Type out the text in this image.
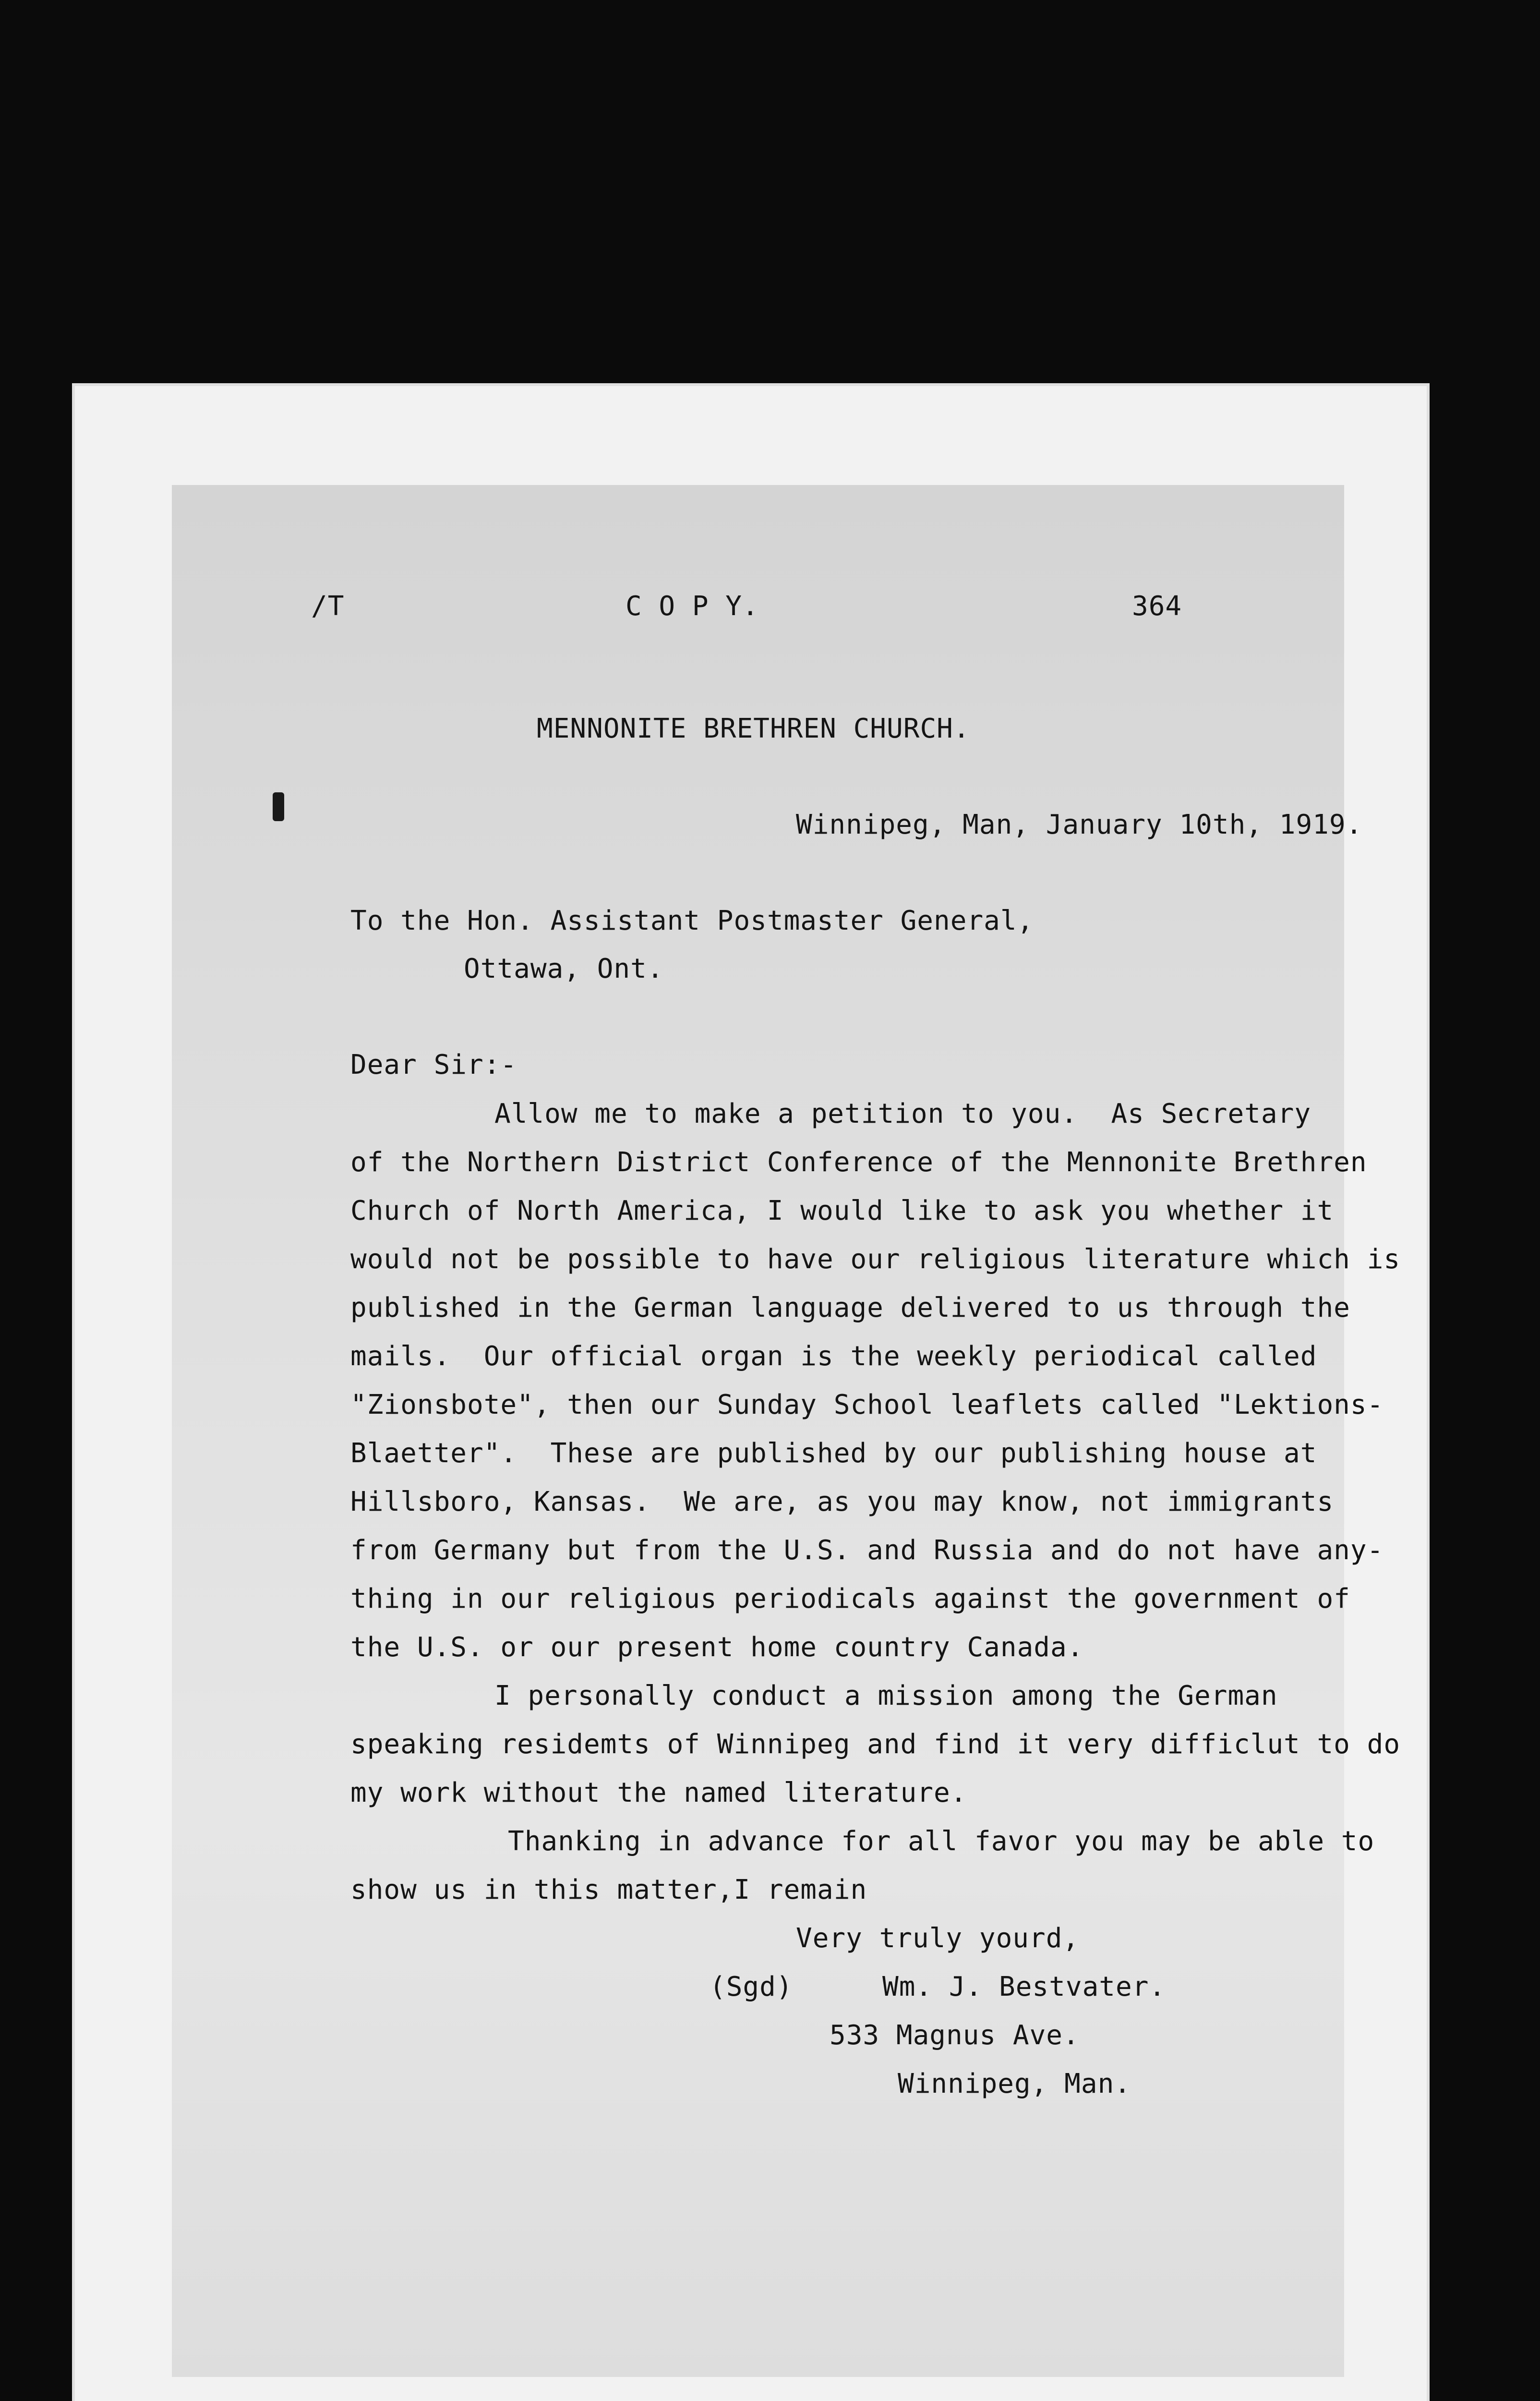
/T	C O P Y.	364
MENNONITE BRETHREN CHURCH.
Winnipeg, Man, January 10th, 1919.
To the Hon. Assistant Postmaster General,
Ottawa, Ont.
Dear Sir:-
Allow me to make a petition to you.  As Secretary
of the Northern District Conference of the Mennonite Brethren
Church of North America, I would like to ask you whether it
would not be possible to have our religious literature which is
published in the German language delivered to us through the
mails.  Our official organ is the weekly periodical called
"Zionsbote", then our Sunday School leaflets called "Lektions-
Blaetter".  These are published by our publishing house at
Hillsboro, Kansas.  We are, as you may know, not immigrants
from Germany but from the U.S. and Russia and do not have any-
thing in our religious periodicals against the government of
the U.S. or our present home country Canada.
I personally conduct a mission among the German
speaking residemts of Winnipeg and find it very difficlut to do
my work without the named literature.
Thanking in advance for all favor you may be able to
show us in this matter,I remain
Very truly yourd,
(Sgd)	Wm. J. Bestvater.
533 Magnus Ave.
Winnipeg, Man.
